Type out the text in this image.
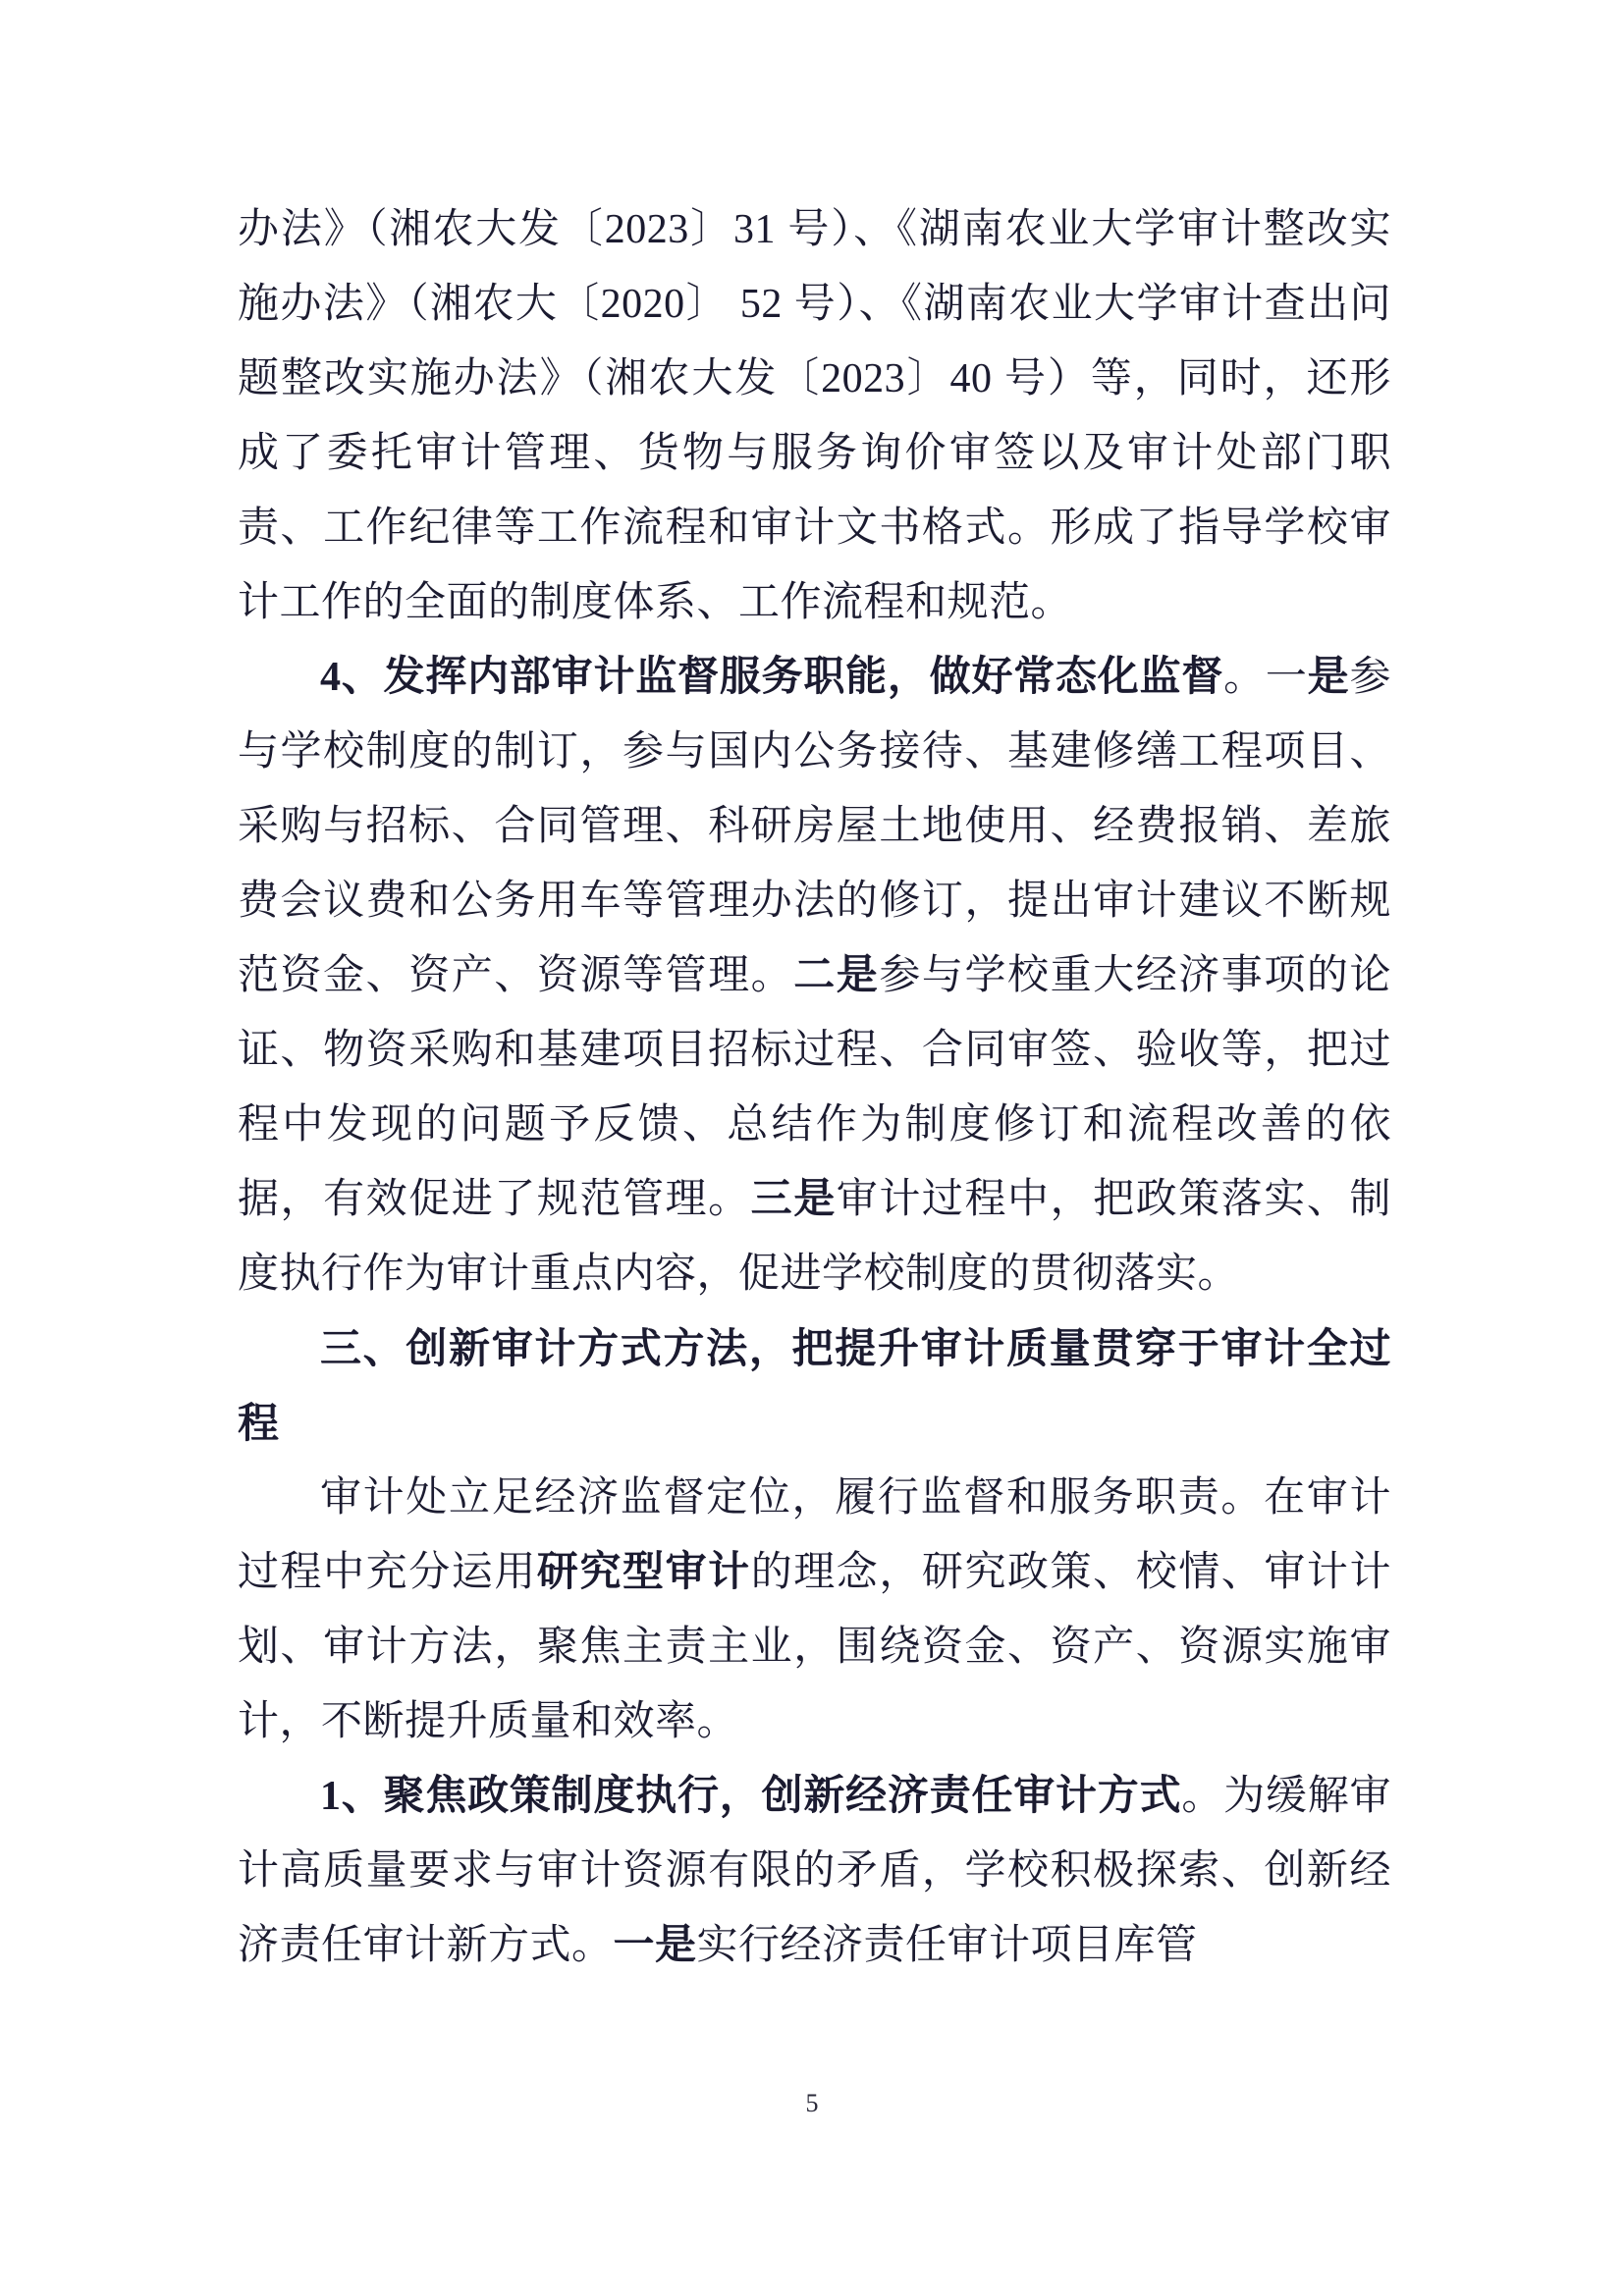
办法》（湘农大发〔2023〕31 号）、《湖南农业大学审计整改实施办法》（湘农大〔2020〕 52 号）、《湖南农业大学审计查出问题整改实施办法》（湘农大发〔2023〕40 号）等，同时，还形成了委托审计管理、货物与服务询价审签以及审计处部门职责、工作纪律等工作流程和审计文书格式。形成了指导学校审计工作的全面的制度体系、工作流程和规范。

4、发挥内部审计监督服务职能，做好常态化监督。一是参与学校制度的制订，参与国内公务接待、基建修缮工程项目、采购与招标、合同管理、科研房屋土地使用、经费报销、差旅费会议费和公务用车等管理办法的修订，提出审计建议不断规范资金、资产、资源等管理。二是参与学校重大经济事项的论证、物资采购和基建项目招标过程、合同审签、验收等，把过程中发现的问题予反馈、总结作为制度修订和流程改善的依据，有效促进了规范管理。三是审计过程中，把政策落实、制度执行作为审计重点内容，促进学校制度的贯彻落实。

三、创新审计方式方法，把提升审计质量贯穿于审计全过程

审计处立足经济监督定位，履行监督和服务职责。在审计过程中充分运用研究型审计的理念，研究政策、校情、审计计划、审计方法，聚焦主责主业，围绕资金、资产、资源实施审计，不断提升质量和效率。

1、聚焦政策制度执行，创新经济责任审计方式。为缓解审计高质量要求与审计资源有限的矛盾，学校积极探索、创新经济责任审计新方式。一是实行经济责任审计项目库管

5
